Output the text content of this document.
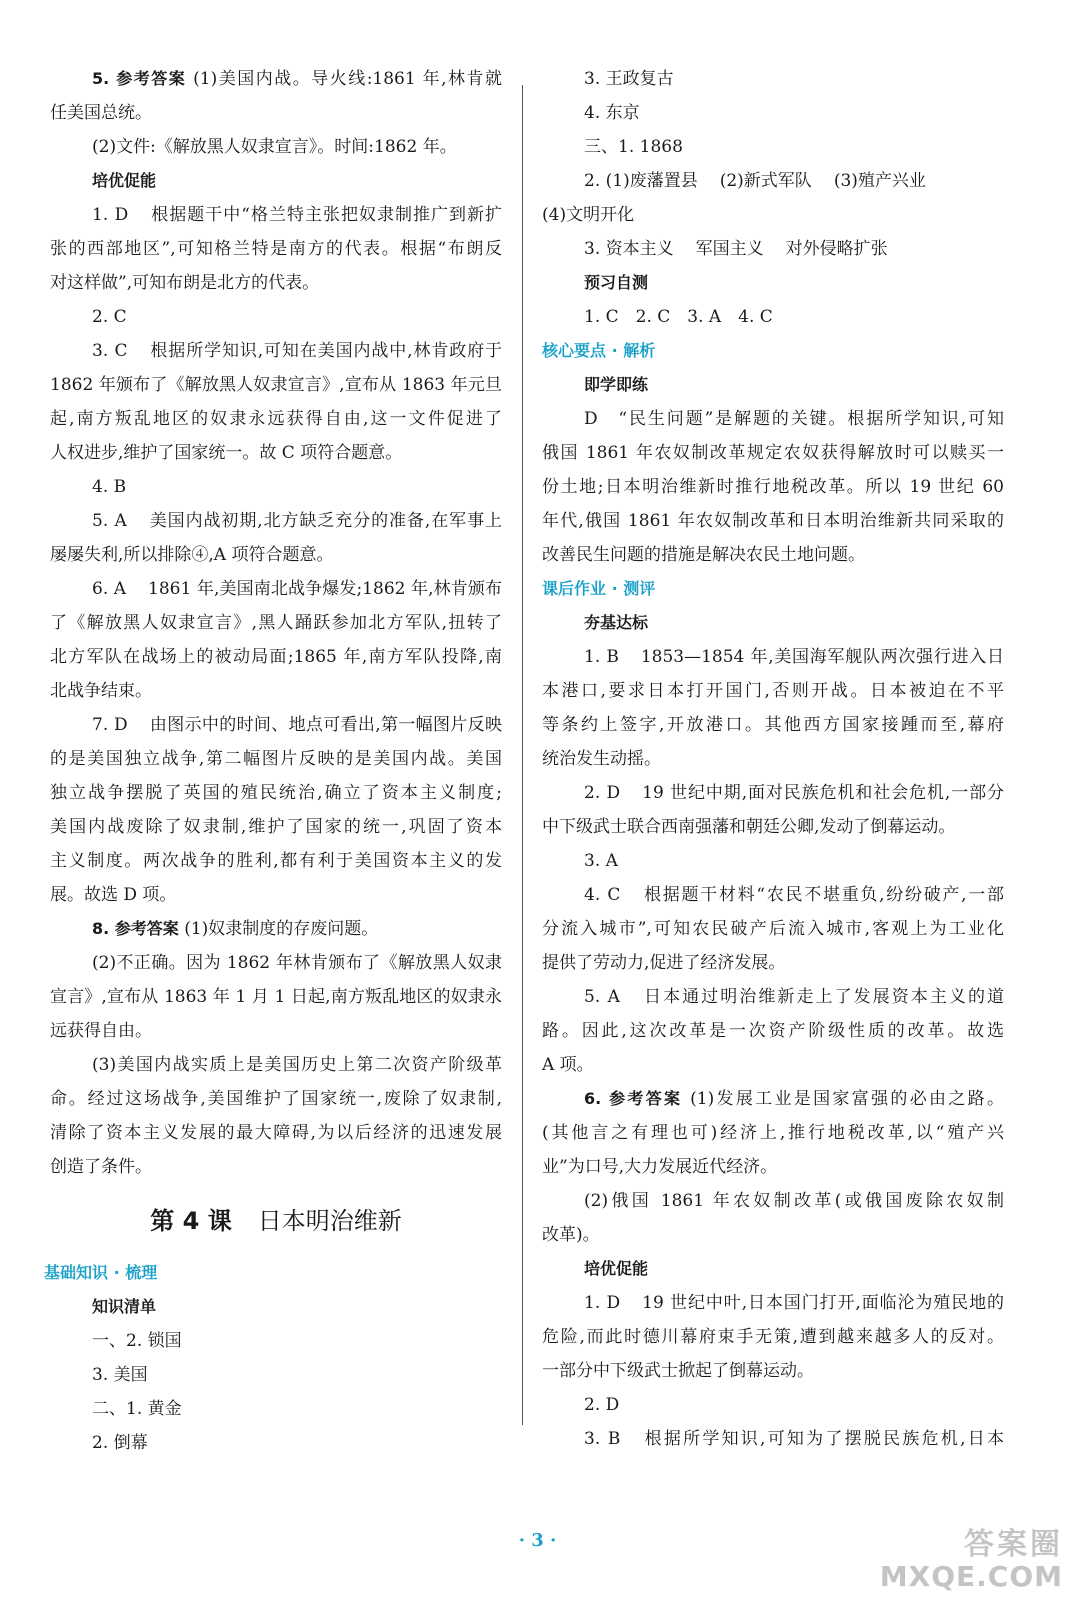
5. 参考答案 (1)美国内战。导火线:1861 年,林肯就
任美国总统。
(2)文件:《解放黑人奴隶宣言》。时间:1862 年。
培优促能
1. D 根据题干中“格兰特主张把奴隶制推广到新扩
张的西部地区”,可知格兰特是南方的代表。根据“布朗反
对这样做”,可知布朗是北方的代表。
2. C
3. C 根据所学知识,可知在美国内战中,林肯政府于
1862 年颁布了《解放黑人奴隶宣言》,宣布从 1863 年元旦
起,南方叛乱地区的奴隶永远获得自由,这一文件促进了
人权进步,维护了国家统一。故 C 项符合题意。
4. B
5. A 美国内战初期,北方缺乏充分的准备,在军事上
屡屡失利,所以排除④,A 项符合题意。
6. A 1861 年,美国南北战争爆发;1862 年,林肯颁布
了《解放黑人奴隶宣言》,黑人踊跃参加北方军队,扭转了
北方军队在战场上的被动局面;1865 年,南方军队投降,南
北战争结束。
7. D 由图示中的时间、地点可看出,第一幅图片反映
的是美国独立战争,第二幅图片反映的是美国内战。美国
独立战争摆脱了英国的殖民统治,确立了资本主义制度;
美国内战废除了奴隶制,维护了国家的统一,巩固了资本
主义制度。两次战争的胜利,都有利于美国资本主义的发
展。故选 D 项。
8. 参考答案 (1)奴隶制度的存废问题。
(2)不正确。因为 1862 年林肯颁布了《解放黑人奴隶
宣言》,宣布从 1863 年 1 月 1 日起,南方叛乱地区的奴隶永
远获得自由。
(3)美国内战实质上是美国历史上第二次资产阶级革
命。经过这场战争,美国维护了国家统一,废除了奴隶制,
清除了资本主义发展的最大障碍,为以后经济的迅速发展
创造了条件。
第 4 课 日本明治维新
基础知识 · 梳理
知识清单
一、2. 锁国
3. 美国
二、1. 黄金
2. 倒幕
3. 王政复古
4. 东京
三、1. 1868
2. (1)废藩置县 (2)新式军队 (3)殖产兴业
(4)文明开化
3. 资本主义 军国主义 对外侵略扩张
预习自测
1. C　2. C　3. A　4. C
核心要点 · 解析
即学即练
D　“民生问题”是解题的关键。根据所学知识,可知
俄国 1861 年农奴制改革规定农奴获得解放时可以赎买一
份土地;日本明治维新时推行地税改革。所以 19 世纪 60
年代,俄国 1861 年农奴制改革和日本明治维新共同采取的
改善民生问题的措施是解决农民土地问题。
课后作业 · 测评
夯基达标
1. B 1853—1854 年,美国海军舰队两次强行进入日
本港口,要求日本打开国门,否则开战。日本被迫在不平
等条约上签字,开放港口。其他西方国家接踵而至,幕府
统治发生动摇。
2. D 19 世纪中期,面对民族危机和社会危机,一部分
中下级武士联合西南强藩和朝廷公卿,发动了倒幕运动。
3. A
4. C 根据题干材料“农民不堪重负,纷纷破产,一部
分流入城市”,可知农民破产后流入城市,客观上为工业化
提供了劳动力,促进了经济发展。
5. A 日本通过明治维新走上了发展资本主义的道
路。因此,这次改革是一次资产阶级性质的改革。故选
A 项。
6. 参考答案 (1)发展工业是国家富强的必由之路。
(其他言之有理也可)经济上,推行地税改革,以“殖产兴
业”为口号,大力发展近代经济。
(2)俄国 1861 年农奴制改革(或俄国废除农奴制
改革)。
培优促能
1. D 19 世纪中叶,日本国门打开,面临沦为殖民地的
危险,而此时德川幕府束手无策,遭到越来越多人的反对。
一部分中下级武士掀起了倒幕运动。
2. D
3. B 根据所学知识,可知为了摆脱民族危机,日本
· 3 ·	答案圈
MXQE.COM
